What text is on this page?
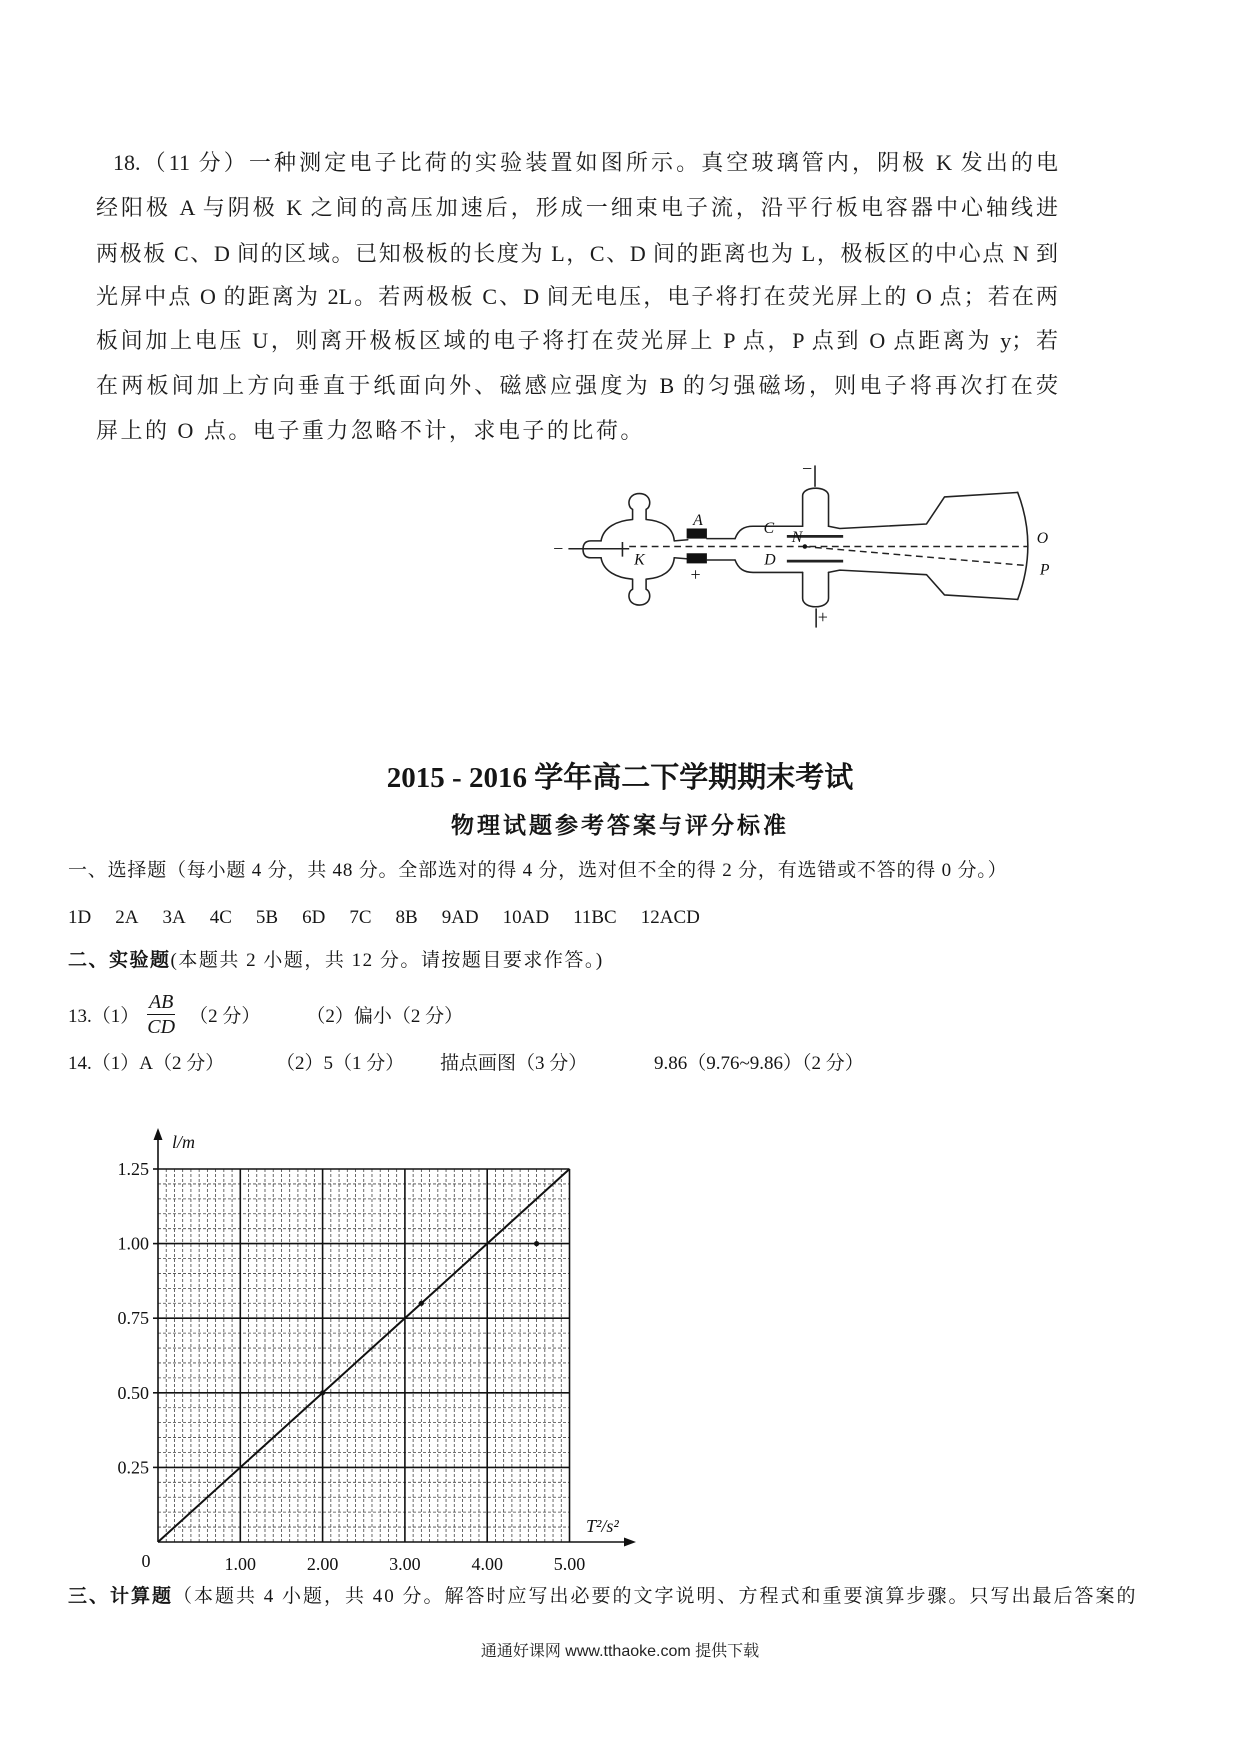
18.（11 分）一种测定电子比荷的实验装置如图所示。真空玻璃管内，阴极 K 发出的电
经阳极 A 与阴极 K 之间的高压加速后，形成一细束电子流，沿平行板电容器中心轴线进
两极板 C、D 间的区域。已知极板的长度为 L，C、D 间的距离也为 L，极板区的中心点 N 到
光屏中点 O 的距离为 2L。若两极板 C、D 间无电压，电子将打在荧光屏上的 O 点；若在两
板间加上电压 U，则离开极板区域的电子将打在荧光屏上 P 点，P 点到 O 点距离为 y；若
在两板间加上方向垂直于纸面向外、磁感应强度为 B 的匀强磁场，则电子将再次打在荧
屏上的 O 点。电子重力忽略不计，求电子的比荷。
−
K
A
+
C
N
D
−
+
O
P
2015 - 2016 学年高二下学期期末考试
物理试题参考答案与评分标准
一、选择题（每小题 4 分，共 48 分。全部选对的得 4 分，选对但不全的得 2 分，有选错或不答的得 0 分。）
1D 2A 3A 4C 5B 6D 7C 8B 9AD 10AD 11BC 12ACD
二、实验题(本题共 2 小题，共 12 分。请按题目要求作答。)
$13.(1) \frac{AB}{CD} (2$ 分） （2）偏小（2 分）
14.（1）A（2 分）	（2）5（1 分） 描点画图（3 分）	9.86（9.76~9.86）（2 分）
1.00	2.00	3.00	4.00	5.00
0.25
0.50
0.75
1.00
1.25
0
l/m
T²/s²
三、计算题（本题共 4 小题，共 40 分。解答时应写出必要的文字说明、方程式和重要演算步骤。只写出最后答案的
通通好课网 www.tthaoke.com 提供下载
